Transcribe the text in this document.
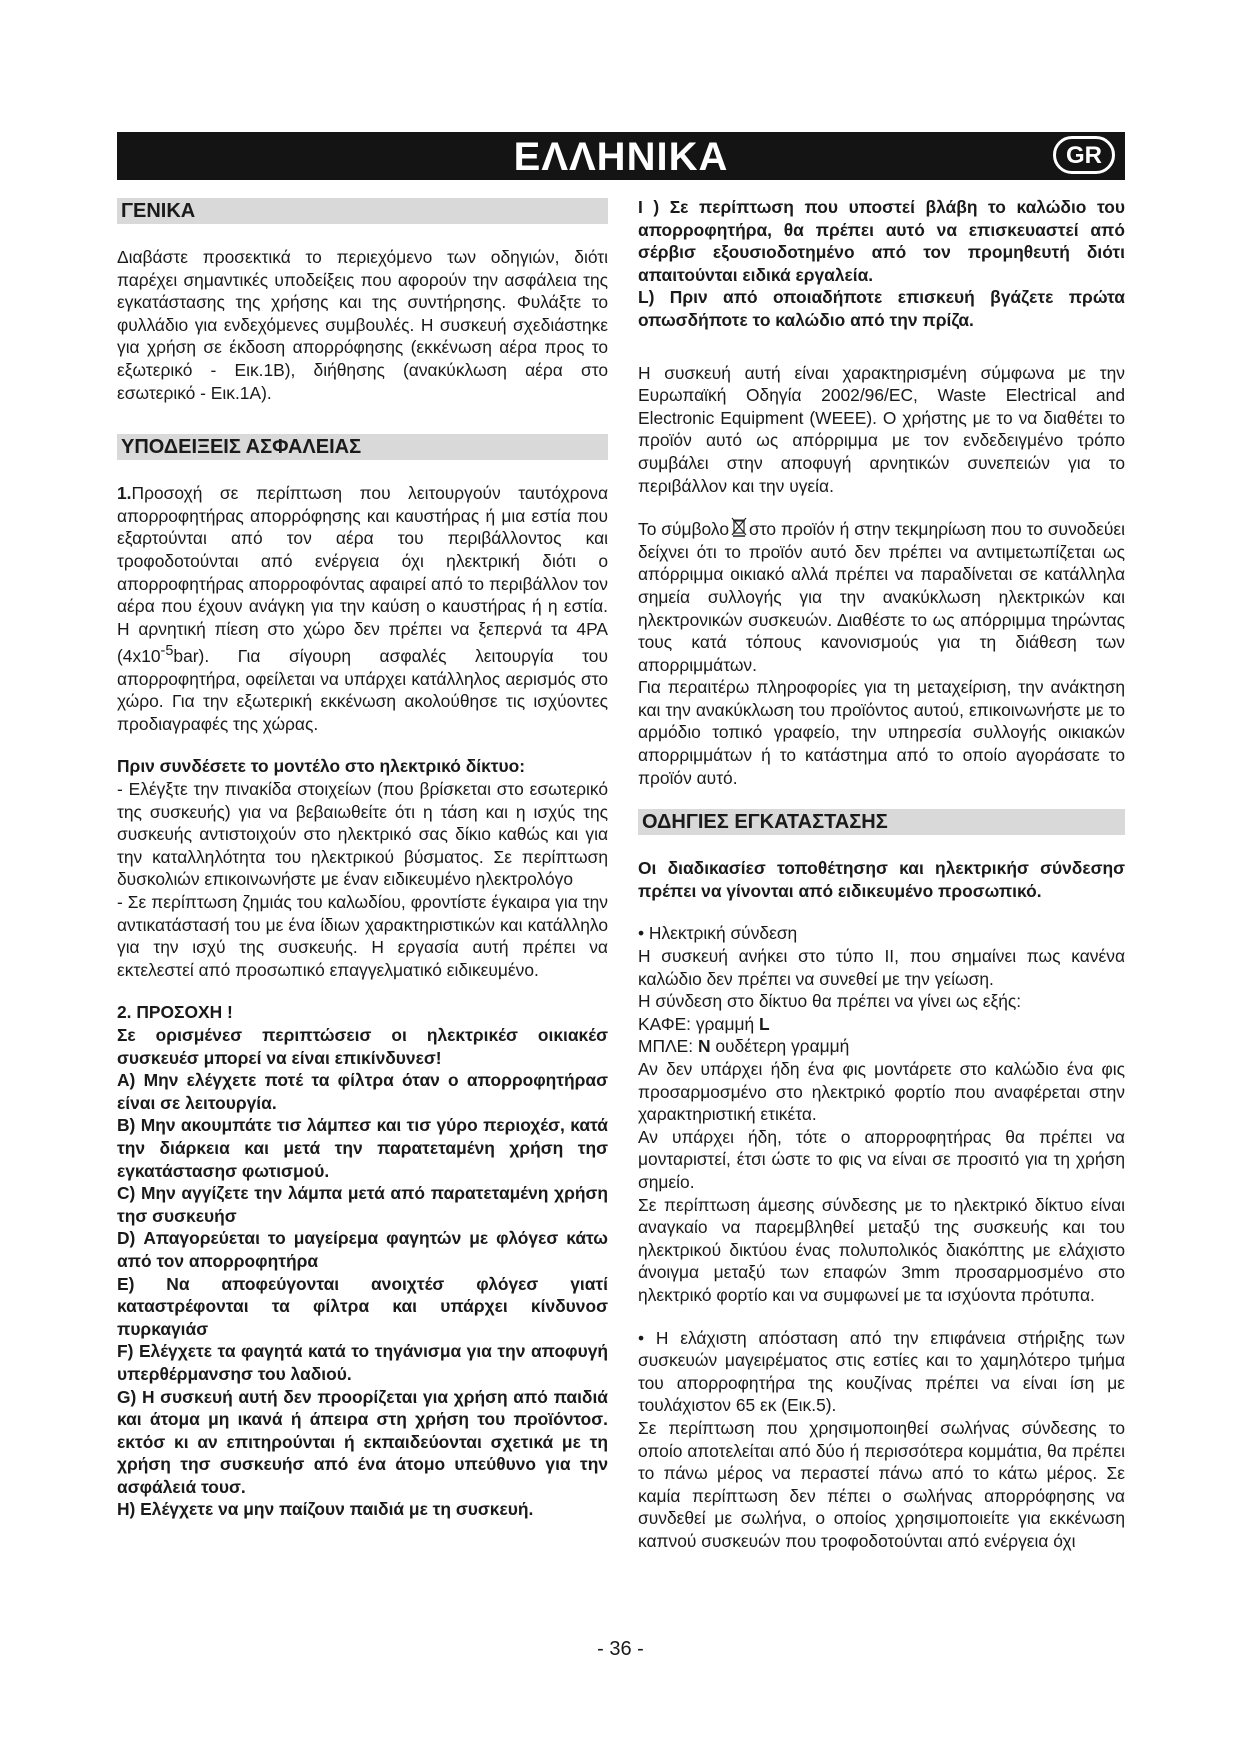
ΕΛΛΗΝΙΚΑ	GR
ΓΕΝΙΚΑ

Διαβάστε προσεκτικά το περιεχόμενο των οδηγιών, διότι παρέχει σημαντικές υποδείξεις που αφορούν την ασφάλεια της εγκατάστασης της χρήσης και της συντήρησης. Φυλάξτε το φυλλάδιο για ενδεχόμενες συμβουλές. Η συσκευή σχεδιάστηκε για χρήση σε έκδοση απορρόφησης (εκκένωση αέρα προς το εξωτερικό - Εικ.1Β), διήθησης (ανακύκλωση αέρα στο εσωτερικό - Εικ.1Α).

ΥΠΟΔΕΙΞΕΙΣ ΑΣΦΑΛΕΙΑΣ

1.Προσοχή σε περίπτωση που λειτουργούν ταυτόχρονα απορροφητήρας απορρόφησης και καυστήρας ή μια εστία που εξαρτούνται από τον αέρα του περιβάλλοντος και τροφοδοτούνται από ενέργεια όχι ηλεκτρική διότι ο απορροφητήρας απορροφόντας αφαιρεί από το περιβάλλον τον αέρα που έχουν ανάγκη για την καύση ο καυστήρας ή η εστία. Η αρνητική πίεση στο χώρο δεν πρέπει να ξεπερνά τα 4PA $(4x10^{-5}bar)$. Για σίγουρη ασφαλές λειτουργία του απορροφητήρα, οφείλεται να υπάρχει κατάλληλος αερισμός στο χώρο. Για την εξωτερική εκκένωση ακολούθησε τις ισχύοντες προδιαγραφές της χώρας.

Πριν συνδέσετε το μοντέλο στο ηλεκτρικό δίκτυο:

- Ελέγξτε την πινακίδα στοιχείων (που βρίσκεται στο εσωτερικό της συσκευής) για να βεβαιωθείτε ότι η τάση και η ισχύς της συσκευής αντιστοιχούν στο ηλεκτρικό σας δίκιο καθώς και για την καταλληλότητα του ηλεκτρικού βύσματος. Σε περίπτωση δυσκολιών επικοινωνήστε με έναν ειδικευμένο ηλεκτρολόγο

- Σε περίπτωση ζημιάς του καλωδίου, φροντίστε έγκαιρα για την αντικατάστασή του με ένα ίδιων χαρακτηριστικών και κατάλληλο για την ισχύ της συσκευής. Η εργασία αυτή πρέπει να εκτελεστεί από προσωπικό επαγγελματικό ειδικευμένο.

2. ΠΡΟΣΟΧΗ !

Σε ορισμένεσ περιπτώσεισ οι ηλεκτρικέσ οικιακέσ συσκευέσ μπορεί να είναι επικίνδυνεσ!

A) Μην ελέγχετε ποτέ τα φίλτρα όταν ο απορροφητήρασ είναι σε λειτουργία.

B) Μην ακουμπάτε τισ λάμπεσ και τισ γύρο περιοχέσ, κατά την διάρκεια και μετά την παρατεταμένη χρήση τησ εγκατάστασησ φωτισμού.

C) Μην αγγίζετε την λάμπα μετά από παρατεταμένη χρήση τησ συσκευήσ

D) Απαγορεύεται το μαγείρεμα φαγητών με φλόγεσ κάτω από τον απορροφητήρα

E) Να αποφεύγονται ανοιχτέσ φλόγεσ γιατί καταστρέφονται τα φίλτρα και υπάρχει κίνδυνοσ πυρκαγιάσ

F) Ελέγχετε τα φαγητά κατά το τηγάνισμα για την αποφυγή υπερθέρμανσησ του λαδιού.

G) Η συσκευή αυτή δεν προορίζεται για χρήση από παιδιά και άτομα μη ικανά ή άπειρα στη χρήση του προϊόντοσ. εκτόσ κι αν επιτηρούνται ή εκπαιδεύονται σχετικά με τη χρήση τησ συσκευήσ από ένα άτομο υπεύθυνο για την ασφάλειά τουσ.

H) Ελέγχετε να μην παίζουν παιδιά με τη συσκευή.

I ) Σε περίπτωση που υποστεί βλάβη το καλώδιο του απορροφητήρα, θα πρέπει αυτό να επισκευαστεί από σέρβισ εξουσιοδοτημένο από τον προμηθευτή διότι απαιτούνται ειδικά εργαλεία.

L) Πριν από οποιαδήποτε επισκευή βγάζετε πρώτα οπωσδήποτε το καλώδιο από την πρίζα.

Η συσκευή αυτή είναι χαρακτηρισμένη σύμφωνα με την Ευρωπαϊκή Οδηγία 2002/96/EC, Waste Electrical and Electronic Equipment (WEEE). Ο χρήστης με το να διαθέτει το προϊόν αυτό ως απόρριμμα με τον ενδεδειγμένο τρόπο συμβάλει στην αποφυγή αρνητικών συνεπειών για το περιβάλλον και την υγεία.

Το σύμβολο στο προϊόν ή στην τεκμηρίωση που το συνοδεύει δείχνει ότι το προϊόν αυτό δεν πρέπει να αντιμετωπίζεται ως απόρριμμα οικιακό αλλά πρέπει να παραδίνεται σε κατάλληλα σημεία συλλογής για την ανακύκλωση ηλεκτρικών και ηλεκτρονικών συσκευών. Διαθέστε το ως απόρριμμα τηρώντας τους κατά τόπους κανονισμούς για τη διάθεση των απορριμμάτων.

Για περαιτέρω πληροφορίες για τη μεταχείριση, την ανάκτηση και την ανακύκλωση του προϊόντος αυτού, επικοινωνήστε με το αρμόδιο τοπικό γραφείο, την υπηρεσία συλλογής οικιακών απορριμμάτων ή το κατάστημα από το οποίο αγοράσατε το προϊόν αυτό.

ΟΔΗΓΙΕΣ ΕΓΚΑΤΑΣΤΑΣΗΣ

Οι διαδικασίεσ τοποθέτησησ και ηλεκτρικήσ σύνδεσησ πρέπει να γίνονται από ειδικευμένο προσωπικό.

• Ηλεκτρική σύνδεση

Η συσκευή ανήκει στο τύπο II, που σημαίνει πως κανένα καλώδιο δεν πρέπει να συνεθεί με την γείωση.

Η σύνδεση στο δίκτυο θα πρέπει να γίνει ως εξής:

ΚΑΦΕ: γραμμή L

ΜΠΛΕ: N ουδέτερη γραμμή

Αν δεν υπάρχει ήδη ένα φις μοντάρετε στο καλώδιο ένα φις προσαρμοσμένο στο ηλεκτρικό φορτίο που αναφέρεται στην χαρακτηριστική ετικέτα.

Αν υπάρχει ήδη, τότε ο απορροφητήρας θα πρέπει να μονταριστεί, έτσι ώστε το φις να είναι σε προσιτό για τη χρήση σημείο.

Σε περίπτωση άμεσης σύνδεσης με το ηλεκτρικό δίκτυο είναι αναγκαίο να παρεμβληθεί μεταξύ της συσκευής και του ηλεκτρικού δικτύου ένας πολυπολικός διακόπτης με ελάχιστο άνοιγμα μεταξύ των επαφών 3mm προσαρμοσμένο στο ηλεκτρικό φορτίο και να συμφωνεί με τα ισχύοντα πρότυπα.

• Η ελάχιστη απόσταση από την επιφάνεια στήριξης των συσκευών μαγειρέματος στις εστίες και το χαμηλότερο τμήμα του απορροφητήρα της κουζίνας πρέπει να είναι ίση με τουλάχιστον 65 εκ (Εικ.5).

Σε περίπτωση που χρησιμοποιηθεί σωλήνας σύνδεσης το οποίο αποτελείται από δύο ή περισσότερα κομμάτια, θα πρέπει το πάνω μέρος να περαστεί πάνω από το κάτω μέρος. Σε καμία περίπτωση δεν πέπει ο σωλήνας απορρόφησης να συνδεθεί με σωλήνα, ο οποίος χρησιμοποιείτε για εκκένωση καπνού συσκευών που τροφοδοτούνται από ενέργεια όχι

- 36 -
